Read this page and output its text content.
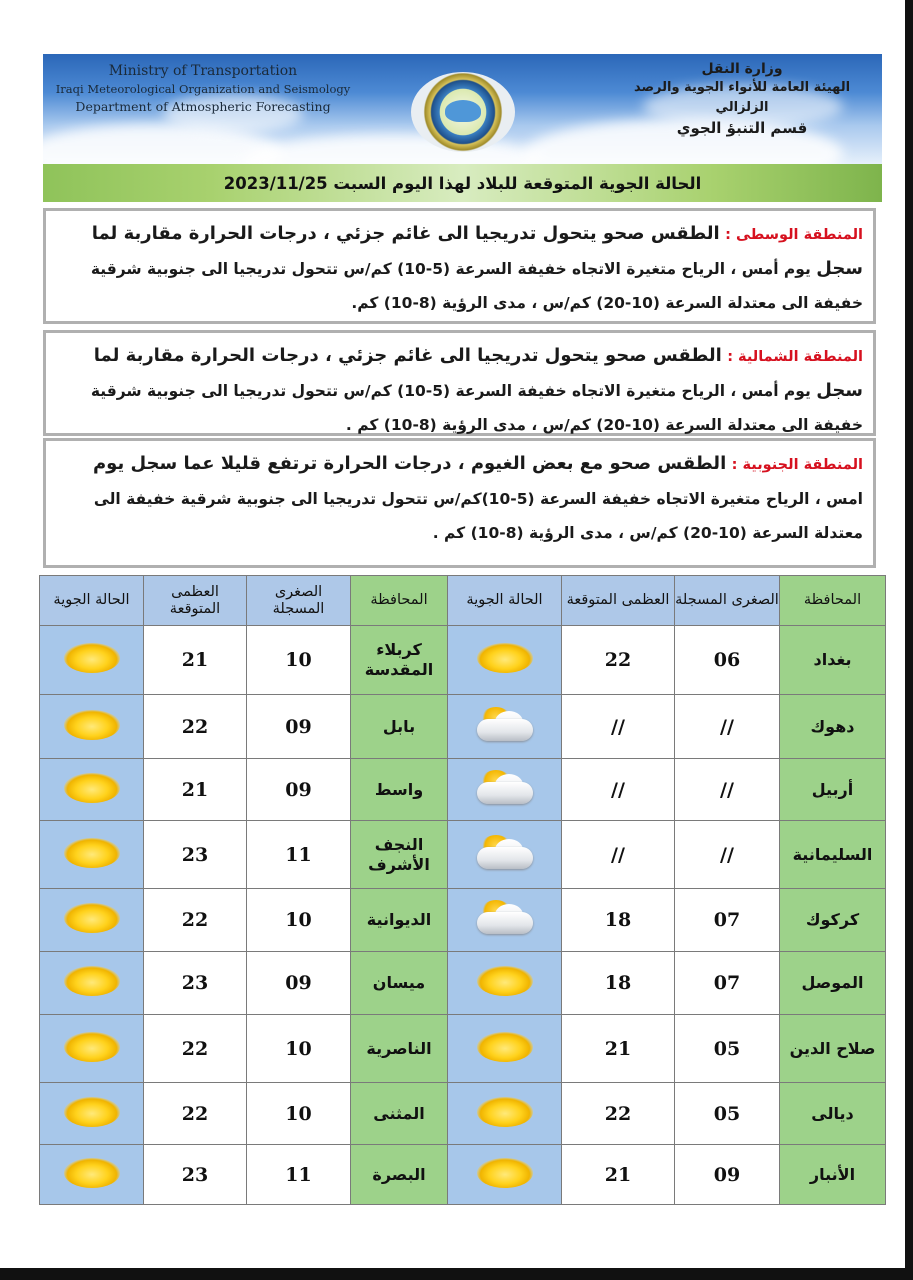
Ministry of Transportation
Iraqi Meteorological Organization and Seismology
Department of Atmospheric Forecasting
وزارة النقل
الهيئة العامة للأنواء الجوية والرصد الزلزالي
قسم التنبؤ الجوي
الحالة الجوية المتوقعة للبلاد لهذا اليوم السبت 2023/11/25
المنطقة الوسطى : الطقس صحو يتحول تدريجيا الى غائم جزئي ، درجات الحرارة مقاربة لما سجل يوم أمس ، الرياح متغيرة الاتجاه خفيفة السرعة (5-10) كم/س تتحول تدريجيا الى جنوبية شرقية خفيفة الى معتدلة السرعة (10-20) كم/س ، مدى الرؤية (8-10) كم.
المنطقة الشمالية : الطقس صحو يتحول تدريجيا الى غائم جزئي ، درجات الحرارة مقاربة لما سجل يوم أمس ، الرياح متغيرة الاتجاه خفيفة السرعة (5-10) كم/س تتحول تدريجيا الى جنوبية شرقية خفيفة الى معتدلة السرعة (10-20) كم/س ، مدى الرؤية (8-10) كم .
المنطقة الجنوبية : الطقس صحو مع بعض الغيوم ، درجات الحرارة ترتفع قليلا عما سجل يوم امس ، الرياح متغيرة الاتجاه خفيفة السرعة (5-10)كم/س تتحول تدريجيا الى جنوبية شرقية خفيفة الى معتدلة السرعة (10-20) كم/س ، مدى الرؤية (8-10) كم .
المحافظة	الصغرى المسجلة	العظمى المتوقعة	الحالة الجوية	المحافظة	الصغرى المسجلة	العظمى المتوقعة	الحالة الجوية
بغداد	06	22		كربلاء المقدسة	10	21	
دهوك	//	//		بابل	09	22	
أربيل	//	//		واسط	09	21	
السليمانية	//	//		النجف الأشرف	11	23	
كركوك	07	18		الديوانية	10	22	
الموصل	07	18		ميسان	09	23	
صلاح الدين	05	21		الناصرية	10	22	
ديالى	05	22		المثنى	10	22	
الأنبار	09	21		البصرة	11	23	
